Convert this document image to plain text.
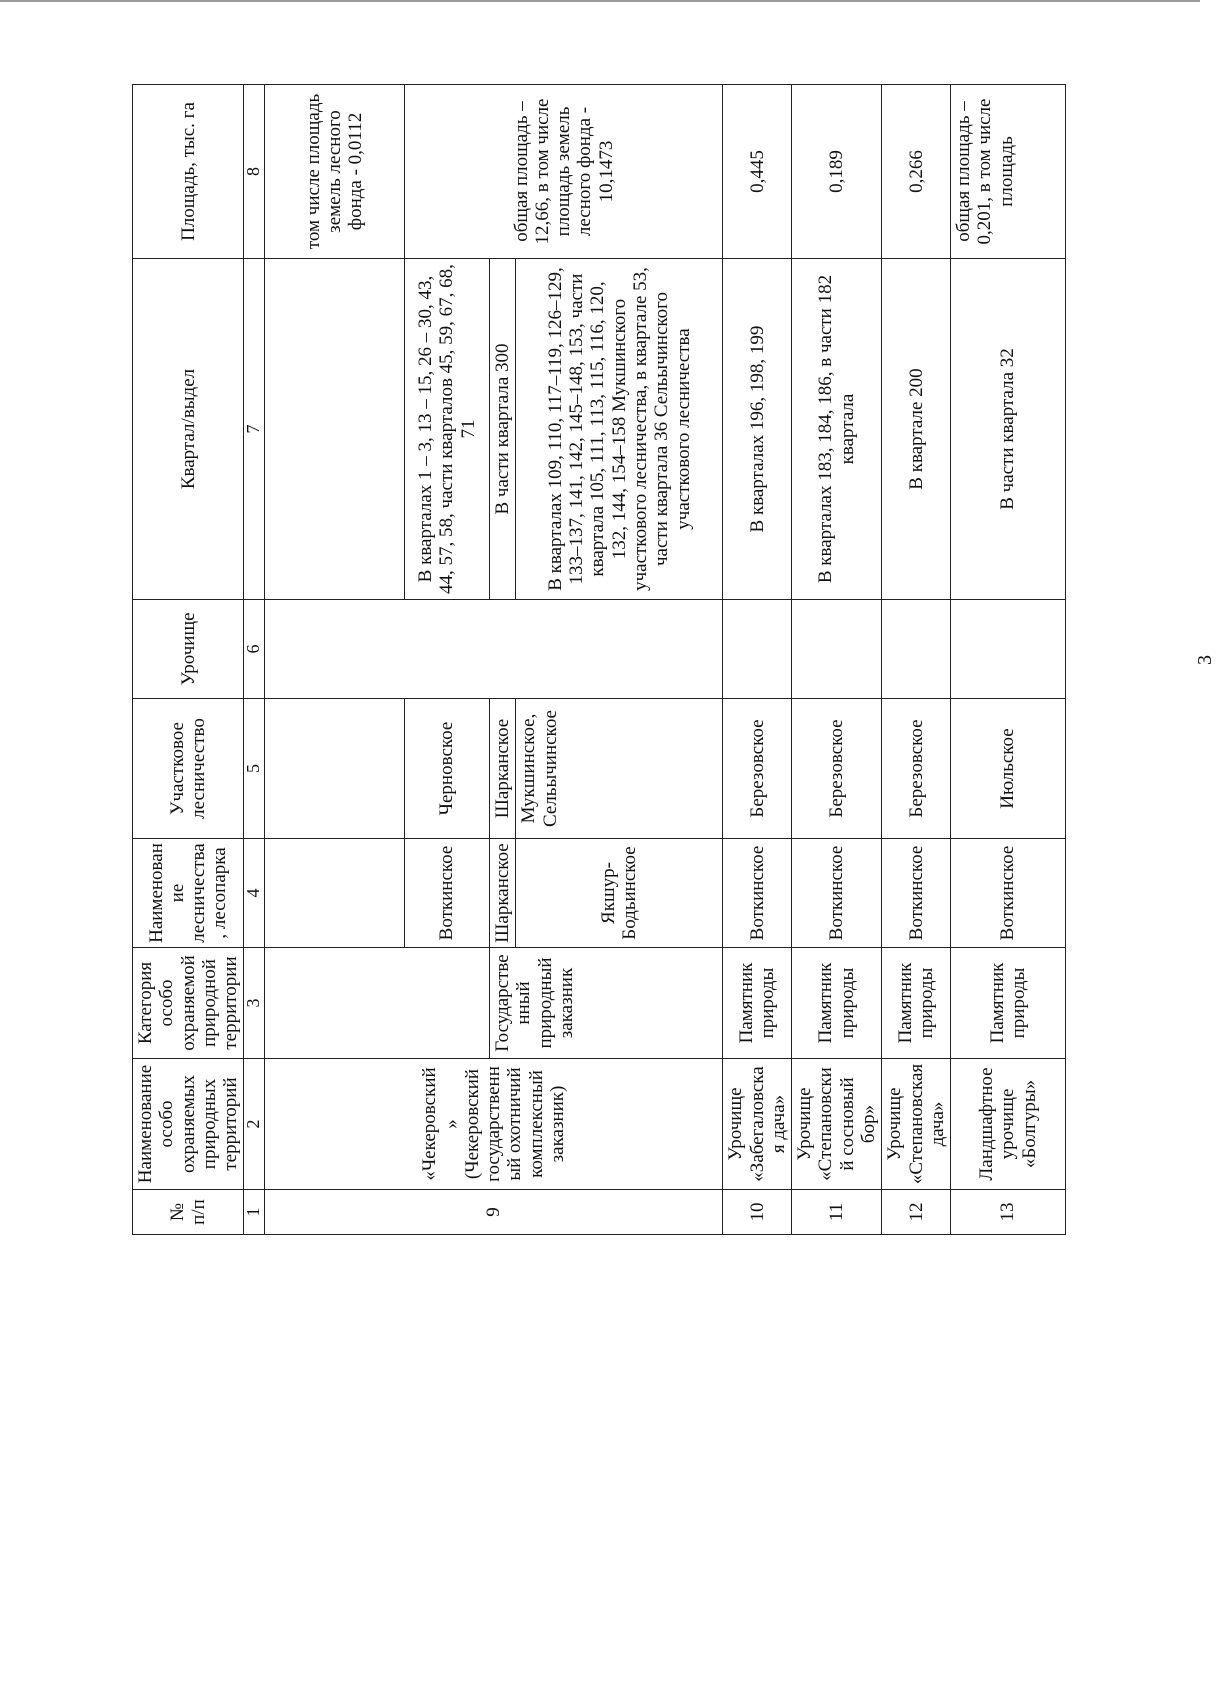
№ п/п	Наименование особо охраняемых природных территорий	Категория особо охраняемой природной территории	Наименование лесничества, лесопарка	Участковое лесничество	Урочище	Квартал/выдел	Площадь, тыс. га
1	2	3	4	5	6	7	8
9	«Чекеровский» (Чекеровский государственный охотничий комплексный заказник)						том числе площадь земель лесного фонда - 0,0112
			Воткинское	Черновское		В кварталах 1 – 3, 13 – 15, 26 – 30, 43, 44, 57, 58, части кварталов 45, 59, 67, 68, 71	общая площадь – 12,66, в том числе площадь земель лесного фонда - 10,1473
		Государственный природный заказник	Шарканское	Шарканское		В части квартала 300	
			Якшур-Бодьинское	Мукшинское, Сельычинское		В кварталах 109, 110, 117–119, 126–129, 133–137, 141, 142, 145–148, 153, части квартала 105, 111, 113, 115, 116, 120, 132, 144, 154–158 Мукшинского участкового лесничества, в квартале 53, части квартала 36 Сельычинского участкового лесничества	
10	Урочище «Забегаловская дача»	Памятник природы	Воткинское	Березовское		В кварталах 196, 198, 199	0,445
11	Урочище «Степановский сосновый бор»	Памятник природы	Воткинское	Березовское		В кварталах 183, 184, 186, в части 182 квартала	0,189
12	Урочище «Степановская дача»	Памятник природы	Воткинское	Березовское		В квартале 200	0,266
13	Ландшафтное урочище «Болгуры»	Памятник природы	Воткинское	Июльское		В части квартала 32	общая площадь – 0,201, в том числе площадь
3
